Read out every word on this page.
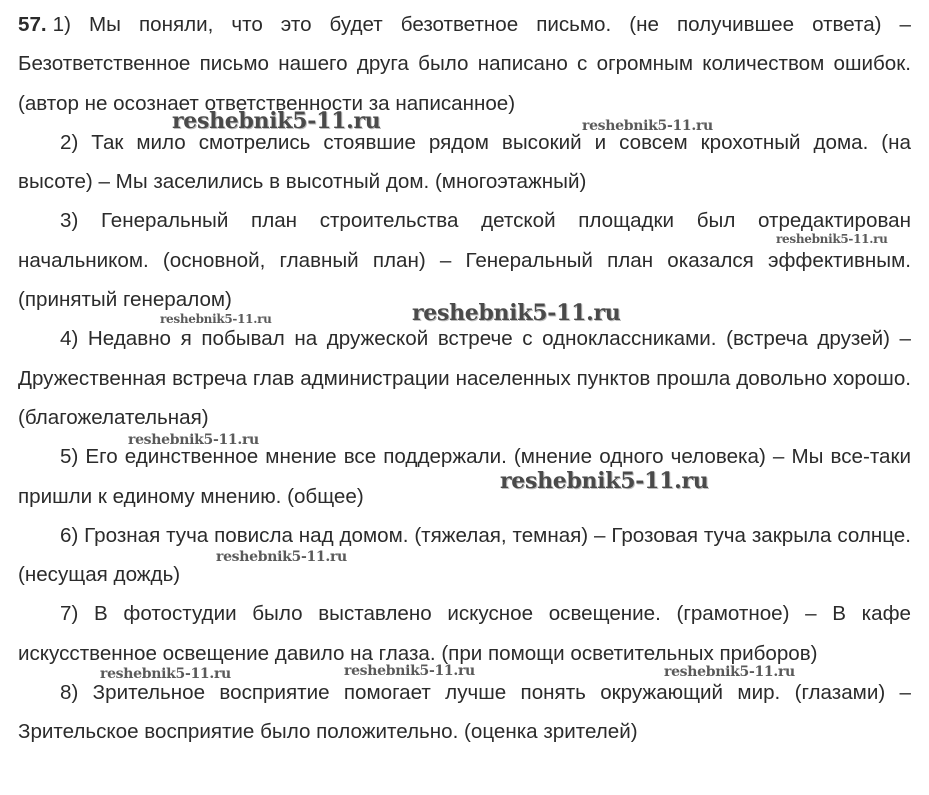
57. 1) Мы поняли, что это будет безответное письмо. (не получившее ответа) – Безответственное письмо нашего друга было написано с огромным количеством ошибок. (автор не осознает ответственности за написанное)

2) Так мило смотрелись стоявшие рядом высокий и совсем крохотный дома. (на высоте) – Мы заселились в высотный дом. (многоэтажный)

3) Генеральный план строительства детской площадки был отредактирован начальником. (основной, главный план) – Генеральный план оказался эффективным. (принятый генералом)

4) Недавно я побывал на дружеской встрече с одноклассниками. (встреча друзей) – Дружественная встреча глав администрации населенных пунктов прошла довольно хорошо. (благожелательная)

5) Его единственное мнение все поддержали. (мнение одного человека) – Мы все-таки пришли к единому мнению. (общее)

6) Грозная туча повисла над домом. (тяжелая, темная) – Грозовая туча закрыла солнце. (несущая дождь)

7) В фотостудии было выставлено искусное освещение. (грамотное) – В кафе искусственное освещение давило на глаза. (при помощи осветительных приборов)

8) Зрительное восприятие помогает лучше понять окружающий мир. (глазами) – Зрительское восприятие было положительно. (оценка зрителей)

reshebnik5-11.ru	reshebnik5-11.ru
reshebnik5-11.ru
reshebnik5-11.ru
reshebnik5-11.ru
reshebnik5-11.ru
reshebnik5-11.ru
reshebnik5-11.ru
reshebnik5-11.ru	reshebnik5-11.ru	reshebnik5-11.ru
